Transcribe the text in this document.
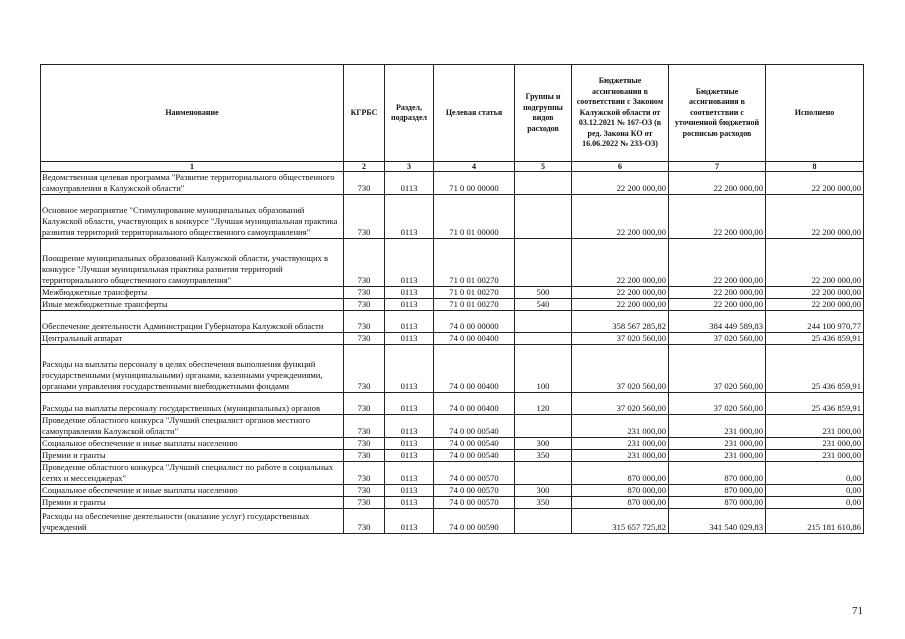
Наименование	КГРБС	Раздел, подраздел	Целевая статья	Группы и подгруппы видов расходов	Бюджетные ассигнования в соответствии с Законом Калужской области от 03.12.2021 № 167-ОЗ (в ред. Закона КО от 16.06.2022 № 233-ОЗ)	Бюджетные ассигнования в соответствии с уточненной бюджетной росписью расходов	Исполнено
1	2	3	4	5	6	7	8
Ведомственная целевая программа "Развитие территориального общественного самоуправления в Калужской области"	730	0113	71 0 00 00000		22 200 000,00	22 200 000,00	22 200 000,00
Основное мероприятие "Стимулирование муниципальных образований Калужской области, участвующих в конкурсе "Лучшая муниципальная практика развития территорий территориального общественного самоуправления"	730	0113	71 0 01 00000		22 200 000,00	22 200 000,00	22 200 000,00
Поощрение муниципальных образований Калужской области, участвующих в конкурсе "Лучшая муниципальная практика развития территорий территориального общественного самоуправления"	730	0113	71 0 01 00270		22 200 000,00	22 200 000,00	22 200 000,00
Межбюджетные трансферты	730	0113	71 0 01 00270	500	22 200 000,00	22 200 000,00	22 200 000,00
Иные межбюджетные трансферты	730	0113	71 0 01 00270	540	22 200 000,00	22 200 000,00	22 200 000,00
Обеспечение деятельности Администрации Губернатора Калужской области	730	0113	74 0 00 00000		358 567 285,82	384 449 589,83	244 100 970,77
Центральный аппарат	730	0113	74 0 00 00400		37 020 560,00	37 020 560,00	25 436 859,91
Расходы на выплаты персоналу в целях обеспечения выполнения функций государственными (муниципальными) органами, казенными учреждениями, органами управления государственными внебюджетными фондами	730	0113	74 0 00 00400	100	37 020 560,00	37 020 560,00	25 436 859,91
Расходы на выплаты персоналу государственных (муниципальных) органов	730	0113	74 0 00 00400	120	37 020 560,00	37 020 560,00	25 436 859,91
Проведение областного конкурса "Лучший специалист органов местного самоуправления Калужской области"	730	0113	74 0 00 00540		231 000,00	231 000,00	231 000,00
Социальное обеспечение и иные выплаты населению	730	0113	74 0 00 00540	300	231 000,00	231 000,00	231 000,00
Премии и гранты	730	0113	74 0 00 00540	350	231 000,00	231 000,00	231 000,00
Проведение областного конкурса "Лучший специалист по работе в социальных сетях и мессенджерах"	730	0113	74 0 00 00570		870 000,00	870 000,00	0,00
Социальное обеспечение и иные выплаты населению	730	0113	74 0 00 00570	300	870 000,00	870 000,00	0,00
Премии и гранты	730	0113	74 0 00 00570	350	870 000,00	870 000,00	0,00
Расходы на обеспечение деятельности (оказание услуг) государственных учреждений	730	0113	74 0 00 00590		315 657 725,82	341 540 029,83	215 181 610,86
71
